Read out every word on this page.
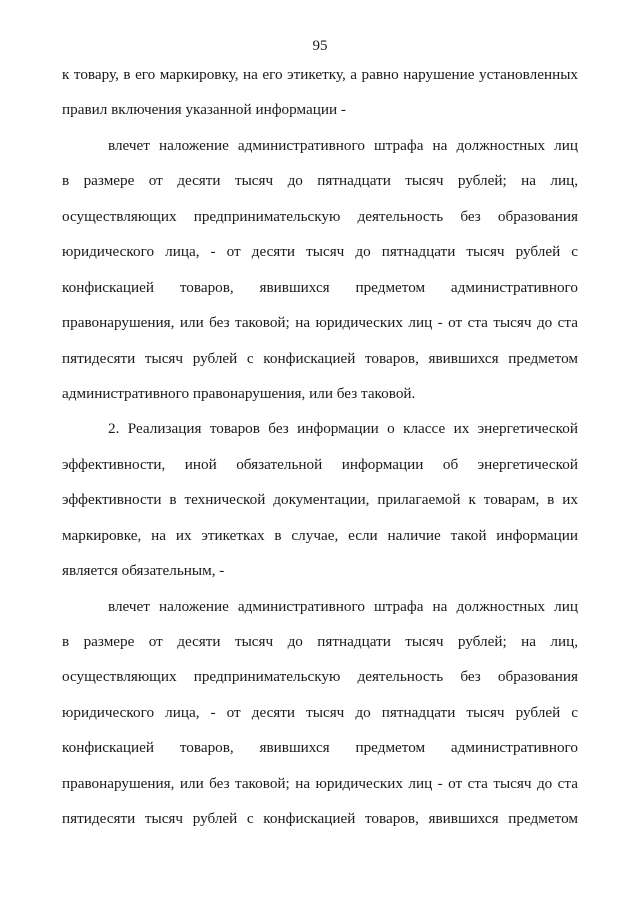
95
к товару, в его маркировку, на его этикетку, а равно нарушение установленных
правил включения указанной информации -
влечет наложение административного штрафа на должностных лиц
в размере от десяти тысяч до пятнадцати тысяч рублей; на лиц,
осуществляющих предпринимательскую деятельность без образования
юридического лица, - от десяти тысяч до пятнадцати тысяч рублей с
конфискацией товаров, явившихся предметом административного
правонарушения, или без таковой; на юридических лиц - от ста тысяч до ста
пятидесяти тысяч рублей с конфискацией товаров, явившихся предметом
административного правонарушения, или без таковой.
2. Реализация товаров без информации о классе их энергетической
эффективности, иной обязательной информации об энергетической
эффективности в технической документации, прилагаемой к товарам, в их
маркировке, на их этикетках в случае, если наличие такой информации
является обязательным, -
влечет наложение административного штрафа на должностных лиц
в размере от десяти тысяч до пятнадцати тысяч рублей; на лиц,
осуществляющих предпринимательскую деятельность без образования
юридического лица, - от десяти тысяч до пятнадцати тысяч рублей с
конфискацией товаров, явившихся предметом административного
правонарушения, или без таковой; на юридических лиц - от ста тысяч до ста
пятидесяти тысяч рублей с конфискацией товаров, явившихся предметом
